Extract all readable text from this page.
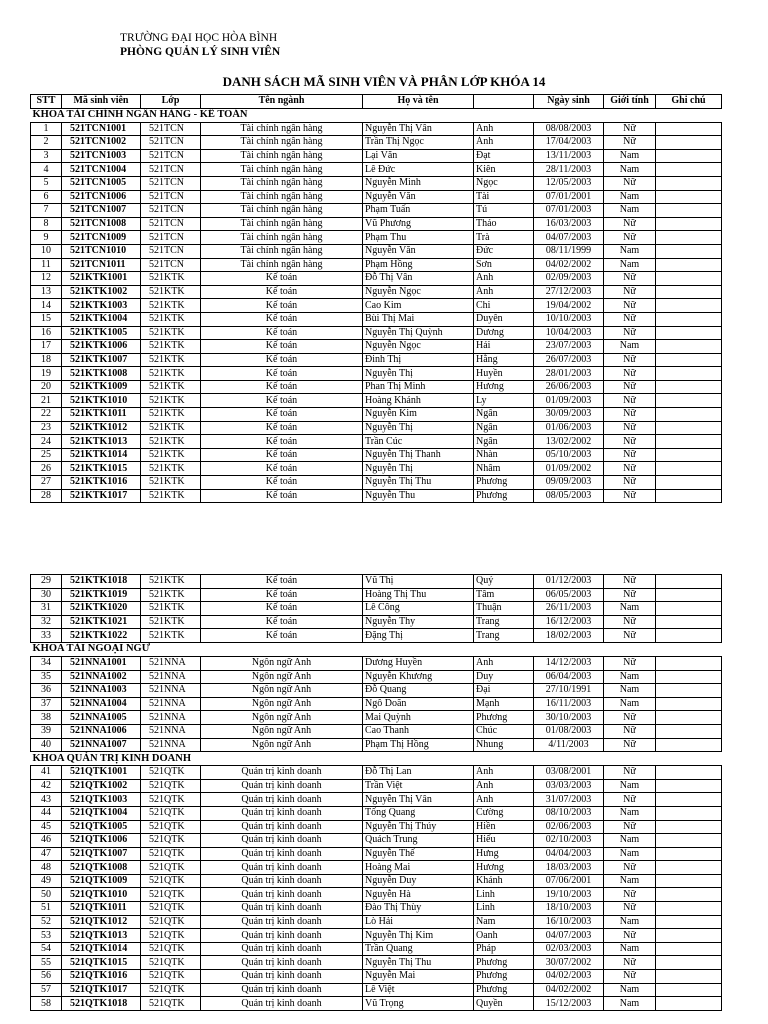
TRƯỜNG ĐẠI HỌC HÒA BÌNH
PHÒNG QUẢN LÝ SINH VIÊN
DANH SÁCH MÃ SINH VIÊN VÀ PHÂN LỚP KHÓA 14
STT	Mã sinh viên	Lớp	Tên ngành	Họ và tên		Ngày sinh	Giới tính	Ghi chú
KHOA TÀI CHÍNH NGÂN HÀNG - KẾ TOÁN								
1	521TCN1001	521TCN	Tài chính ngân hàng	Nguyễn Thị Vân	Anh	08/08/2003	Nữ	
2	521TCN1002	521TCN	Tài chính ngân hàng	Trần Thị Ngọc	Ánh	17/04/2003	Nữ	
3	521TCN1003	521TCN	Tài chính ngân hàng	Lại Văn	Đạt	13/11/2003	Nam	
4	521TCN1004	521TCN	Tài chính ngân hàng	Lê Đức	Kiên	28/11/2003	Nam	
5	521TCN1005	521TCN	Tài chính ngân hàng	Nguyễn Minh	Ngọc	12/05/2003	Nữ	
6	521TCN1006	521TCN	Tài chính ngân hàng	Nguyễn Văn	Tài	07/01/2001	Nam	
7	521TCN1007	521TCN	Tài chính ngân hàng	Phạm Tuấn	Tú	07/01/2003	Nam	
8	521TCN1008	521TCN	Tài chính ngân hàng	Vũ Phương	Thảo	16/03/2003	Nữ	
9	521TCN1009	521TCN	Tài chính ngân hàng	Phạm Thu	Trà	04/07/2003	Nữ	
10	521TCN1010	521TCN	Tài chính ngân hàng	Nguyễn Văn	Đức	08/11/1999	Nam	
11	521TCN1011	521TCN	Tài chính ngân hàng	Phạm Hồng	Sơn	04/02/2002	Nam	
12	521KTK1001	521KTK	Kế toán	Đỗ Thị Vân	Anh	02/09/2003	Nữ	
13	521KTK1002	521KTK	Kế toán	Nguyễn Ngọc	Ánh	27/12/2003	Nữ	
14	521KTK1003	521KTK	Kế toán	Cao Kim	Chi	19/04/2002	Nữ	
15	521KTK1004	521KTK	Kế toán	Bùi Thị Mai	Duyên	10/10/2003	Nữ	
16	521KTK1005	521KTK	Kế toán	Nguyễn Thị Quỳnh	Dương	10/04/2003	Nữ	
17	521KTK1006	521KTK	Kế toán	Nguyễn Ngọc	Hải	23/07/2003	Nam	
18	521KTK1007	521KTK	Kế toán	Đinh Thị	Hằng	26/07/2003	Nữ	
19	521KTK1008	521KTK	Kế toán	Nguyễn Thị	Huyền	28/01/2003	Nữ	
20	521KTK1009	521KTK	Kế toán	Phan Thị Minh	Hương	26/06/2003	Nữ	
21	521KTK1010	521KTK	Kế toán	Hoàng Khánh	Ly	01/09/2003	Nữ	
22	521KTK1011	521KTK	Kế toán	Nguyễn Kim	Ngân	30/09/2003	Nữ	
23	521KTK1012	521KTK	Kế toán	Nguyễn Thị	Ngân	01/06/2003	Nữ	
24	521KTK1013	521KTK	Kế toán	Trần Cúc	Ngân	13/02/2002	Nữ	
25	521KTK1014	521KTK	Kế toán	Nguyễn Thị Thanh	Nhàn	05/10/2003	Nữ	
26	521KTK1015	521KTK	Kế toán	Nguyễn Thị	Nhâm	01/09/2002	Nữ	
27	521KTK1016	521KTK	Kế toán	Nguyễn Thị Thu	Phương	09/09/2003	Nữ	
28	521KTK1017	521KTK	Kế toán	Nguyễn Thu	Phương	08/05/2003	Nữ	
29	521KTK1018	521KTK	Kế toán	Vũ Thị	Quý	01/12/2003	Nữ	
30	521KTK1019	521KTK	Kế toán	Hoàng Thị Thu	Tâm	06/05/2003	Nữ	
31	521KTK1020	521KTK	Kế toán	Lê Công	Thuận	26/11/2003	Nam	
32	521KTK1021	521KTK	Kế toán	Nguyễn Thy	Trang	16/12/2003	Nữ	
33	521KTK1022	521KTK	Kế toán	Đặng Thị	Trang	18/02/2003	Nữ	
KHOA TÀI NGOẠI NGỮ								
34	521NNA1001	521NNA	Ngôn ngữ Anh	Dương Huyền	Anh	14/12/2003	Nữ	
35	521NNA1002	521NNA	Ngôn ngữ Anh	Nguyễn Khương	Duy	06/04/2003	Nam	
36	521NNA1003	521NNA	Ngôn ngữ Anh	Đỗ Quang	Đại	27/10/1991	Nam	
37	521NNA1004	521NNA	Ngôn ngữ Anh	Ngô Doãn	Mạnh	16/11/2003	Nam	
38	521NNA1005	521NNA	Ngôn ngữ Anh	Mai Quỳnh	Phương	30/10/2003	Nữ	
39	521NNA1006	521NNA	Ngôn ngữ Anh	Cao Thanh	Chúc	01/08/2003	Nữ	
40	521NNA1007	521NNA	Ngôn ngữ Anh	Phạm Thị Hồng	Nhung	4/11/2003	Nữ	
KHOA QUẢN TRỊ KINH DOANH								
41	521QTK1001	521QTK	Quản trị kinh doanh	Đỗ Thị Lan	Anh	03/08/2001	Nữ	
42	521QTK1002	521QTK	Quản trị kinh doanh	Trần Việt	Anh	03/03/2003	Nam	
43	521QTK1003	521QTK	Quản trị kinh doanh	Nguyễn Thị Vân	Anh	31/07/2003	Nữ	
44	521QTK1004	521QTK	Quản trị kinh doanh	Tống Quang	Cường	08/10/2003	Nam	
45	521QTK1005	521QTK	Quản trị kinh doanh	Nguyễn Thị Thúy	Hiền	02/06/2003	Nữ	
46	521QTK1006	521QTK	Quản trị kinh doanh	Quách Trung	Hiếu	02/10/2003	Nam	
47	521QTK1007	521QTK	Quản trị kinh doanh	Nguyễn Thế	Hưng	04/04/2003	Nam	
48	521QTK1008	521QTK	Quản trị kinh doanh	Hoàng Mai	Hương	18/03/2003	Nữ	
49	521QTK1009	521QTK	Quản trị kinh doanh	Nguyễn Duy	Khánh	07/06/2001	Nam	
50	521QTK1010	521QTK	Quản trị kinh doanh	Nguyễn Hà	Linh	19/10/2003	Nữ	
51	521QTK1011	521QTK	Quản trị kinh doanh	Đào Thị Thùy	Linh	18/10/2003	Nữ	
52	521QTK1012	521QTK	Quản trị kinh doanh	Lò Hải	Nam	16/10/2003	Nam	
53	521QTK1013	521QTK	Quản trị kinh doanh	Nguyễn Thị Kim	Oanh	04/07/2003	Nữ	
54	521QTK1014	521QTK	Quản trị kinh doanh	Trần Quang	Pháp	02/03/2003	Nam	
55	521QTK1015	521QTK	Quản trị kinh doanh	Nguyễn Thị Thu	Phương	30/07/2002	Nữ	
56	521QTK1016	521QTK	Quản trị kinh doanh	Nguyễn Mai	Phương	04/02/2003	Nữ	
57	521QTK1017	521QTK	Quản trị kinh doanh	Lê Việt	Phương	04/02/2002	Nam	
58	521QTK1018	521QTK	Quản trị kinh doanh	Vũ Trọng	Quyền	15/12/2003	Nam	
